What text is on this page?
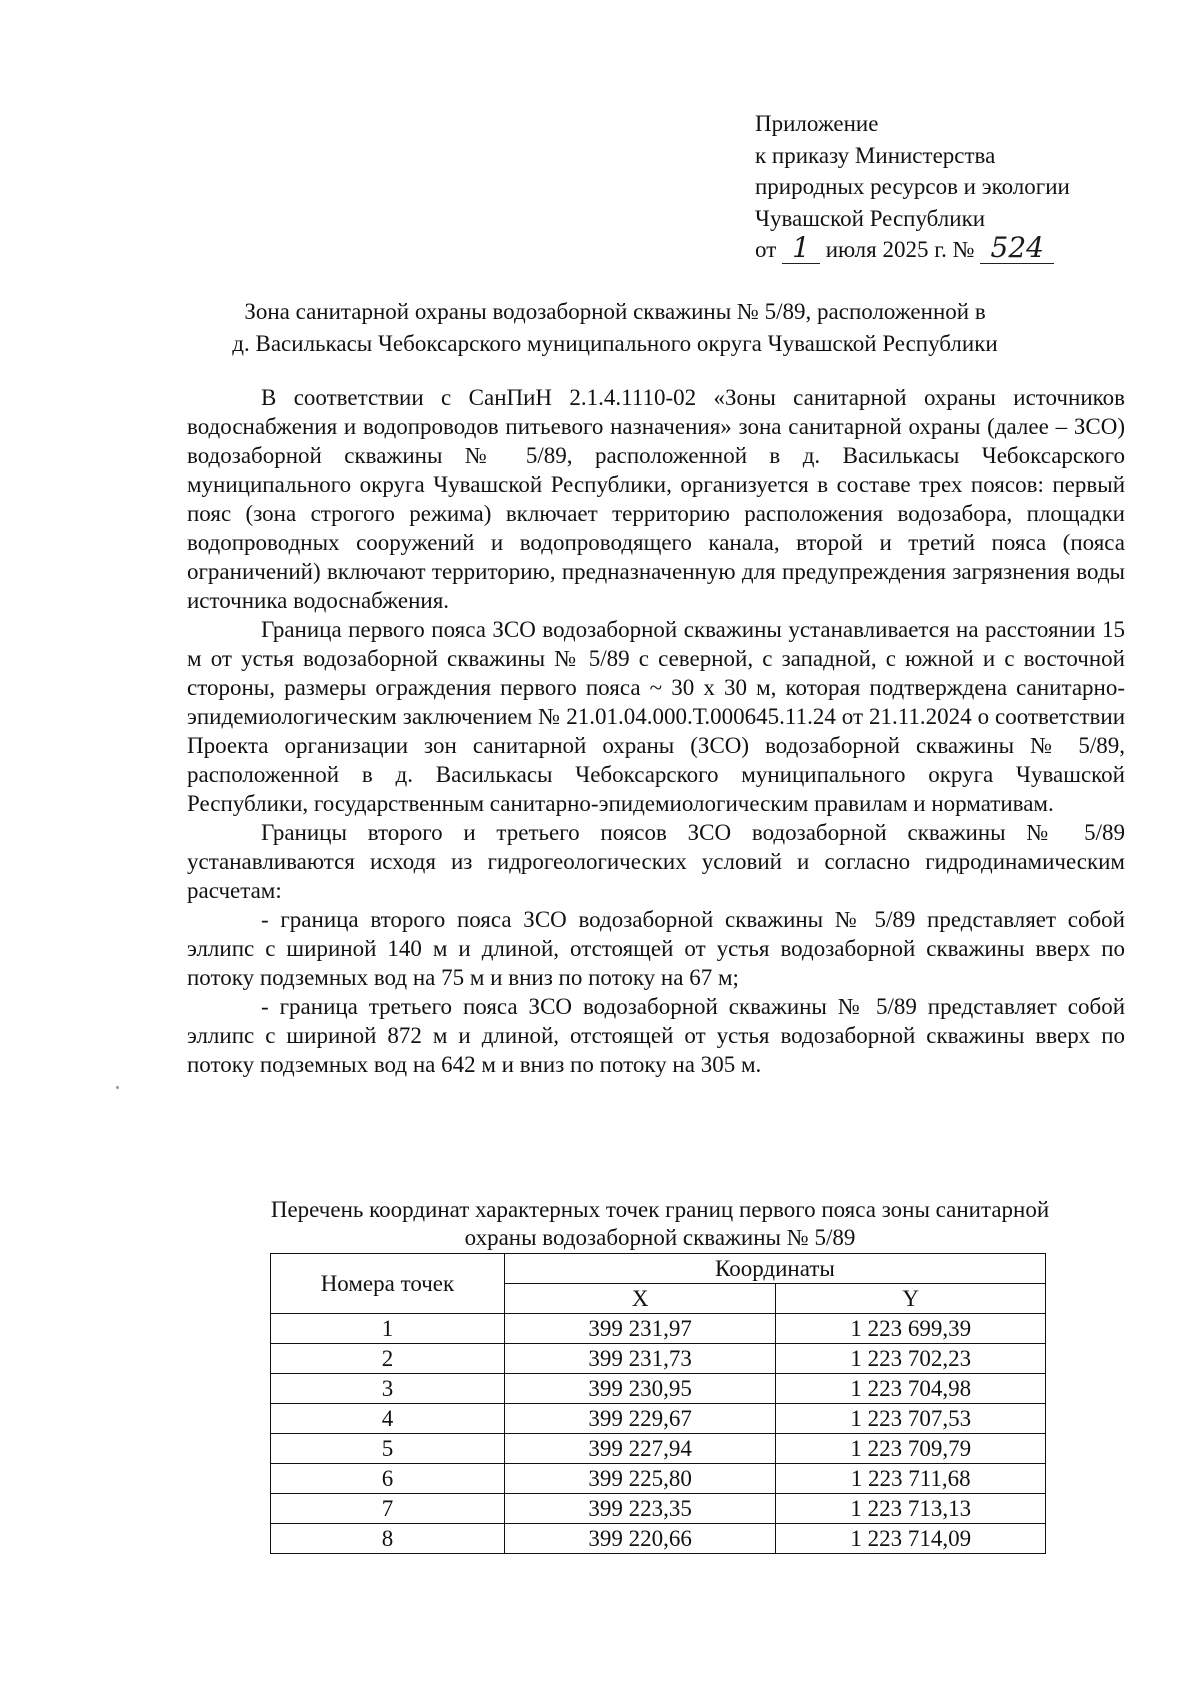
Приложение
к приказу Министерства
природных ресурсов и экологии
Чувашской Республики
от 1 июля 2025 г. № 524
Зона санитарной охраны водозаборной скважины № 5/89, расположенной в
д. Василькасы Чебоксарского муниципального округа Чувашской Республики

В соответствии с СанПиН 2.1.4.1110-02 «Зоны санитарной охраны источников водоснабжения и водопроводов питьевого назначения» зона санитарной охраны (далее – ЗСО) водозаборной скважины № 5/89, расположенной в д. Василькасы Чебоксарского муниципального округа Чувашской Республики, организуется в составе трех поясов: первый пояс (зона строгого режима) включает территорию расположения водозабора, площадки водопроводных сооружений и водопроводящего канала, второй и третий пояса (пояса ограничений) включают территорию, предназначенную для предупреждения загрязнения воды источника водоснабжения.

Граница первого пояса ЗСО водозаборной скважины устанавливается на расстоянии 15 м от устья водозаборной скважины № 5/89 с северной, с западной, с южной и с восточной стороны, размеры ограждения первого пояса ~ 30 х 30 м, которая подтверждена санитарно-эпидемиологическим заключением № 21.01.04.000.Т.000645.11.24 от 21.11.2024 о соответствии Проекта организации зон санитарной охраны (ЗСО) водозаборной скважины № 5/89, расположенной в д. Василькасы Чебоксарского муниципального округа Чувашской Республики, государственным санитарно-эпидемиологическим правилам и нормативам.

Границы второго и третьего поясов ЗСО водозаборной скважины № 5/89 устанавливаются исходя из гидрогеологических условий и согласно гидродинамическим расчетам:

- граница второго пояса ЗСО водозаборной скважины № 5/89 представляет собой эллипс с шириной 140 м и длиной, отстоящей от устья водозаборной скважины вверх по потоку подземных вод на 75 м и вниз по потоку на 67 м;

- граница третьего пояса ЗСО водозаборной скважины № 5/89 представляет собой эллипс с шириной 872 м и длиной, отстоящей от устья водозаборной скважины вверх по потоку подземных вод на 642 м и вниз по потоку на 305 м.

Перечень координат характерных точек границ первого пояса зоны санитарной
охраны водозаборной скважины № 5/89
Номера точек	Координаты	
	X	Y
1	399 231,97	1 223 699,39
2	399 231,73	1 223 702,23
3	399 230,95	1 223 704,98
4	399 229,67	1 223 707,53
5	399 227,94	1 223 709,79
6	399 225,80	1 223 711,68
7	399 223,35	1 223 713,13
8	399 220,66	1 223 714,09
